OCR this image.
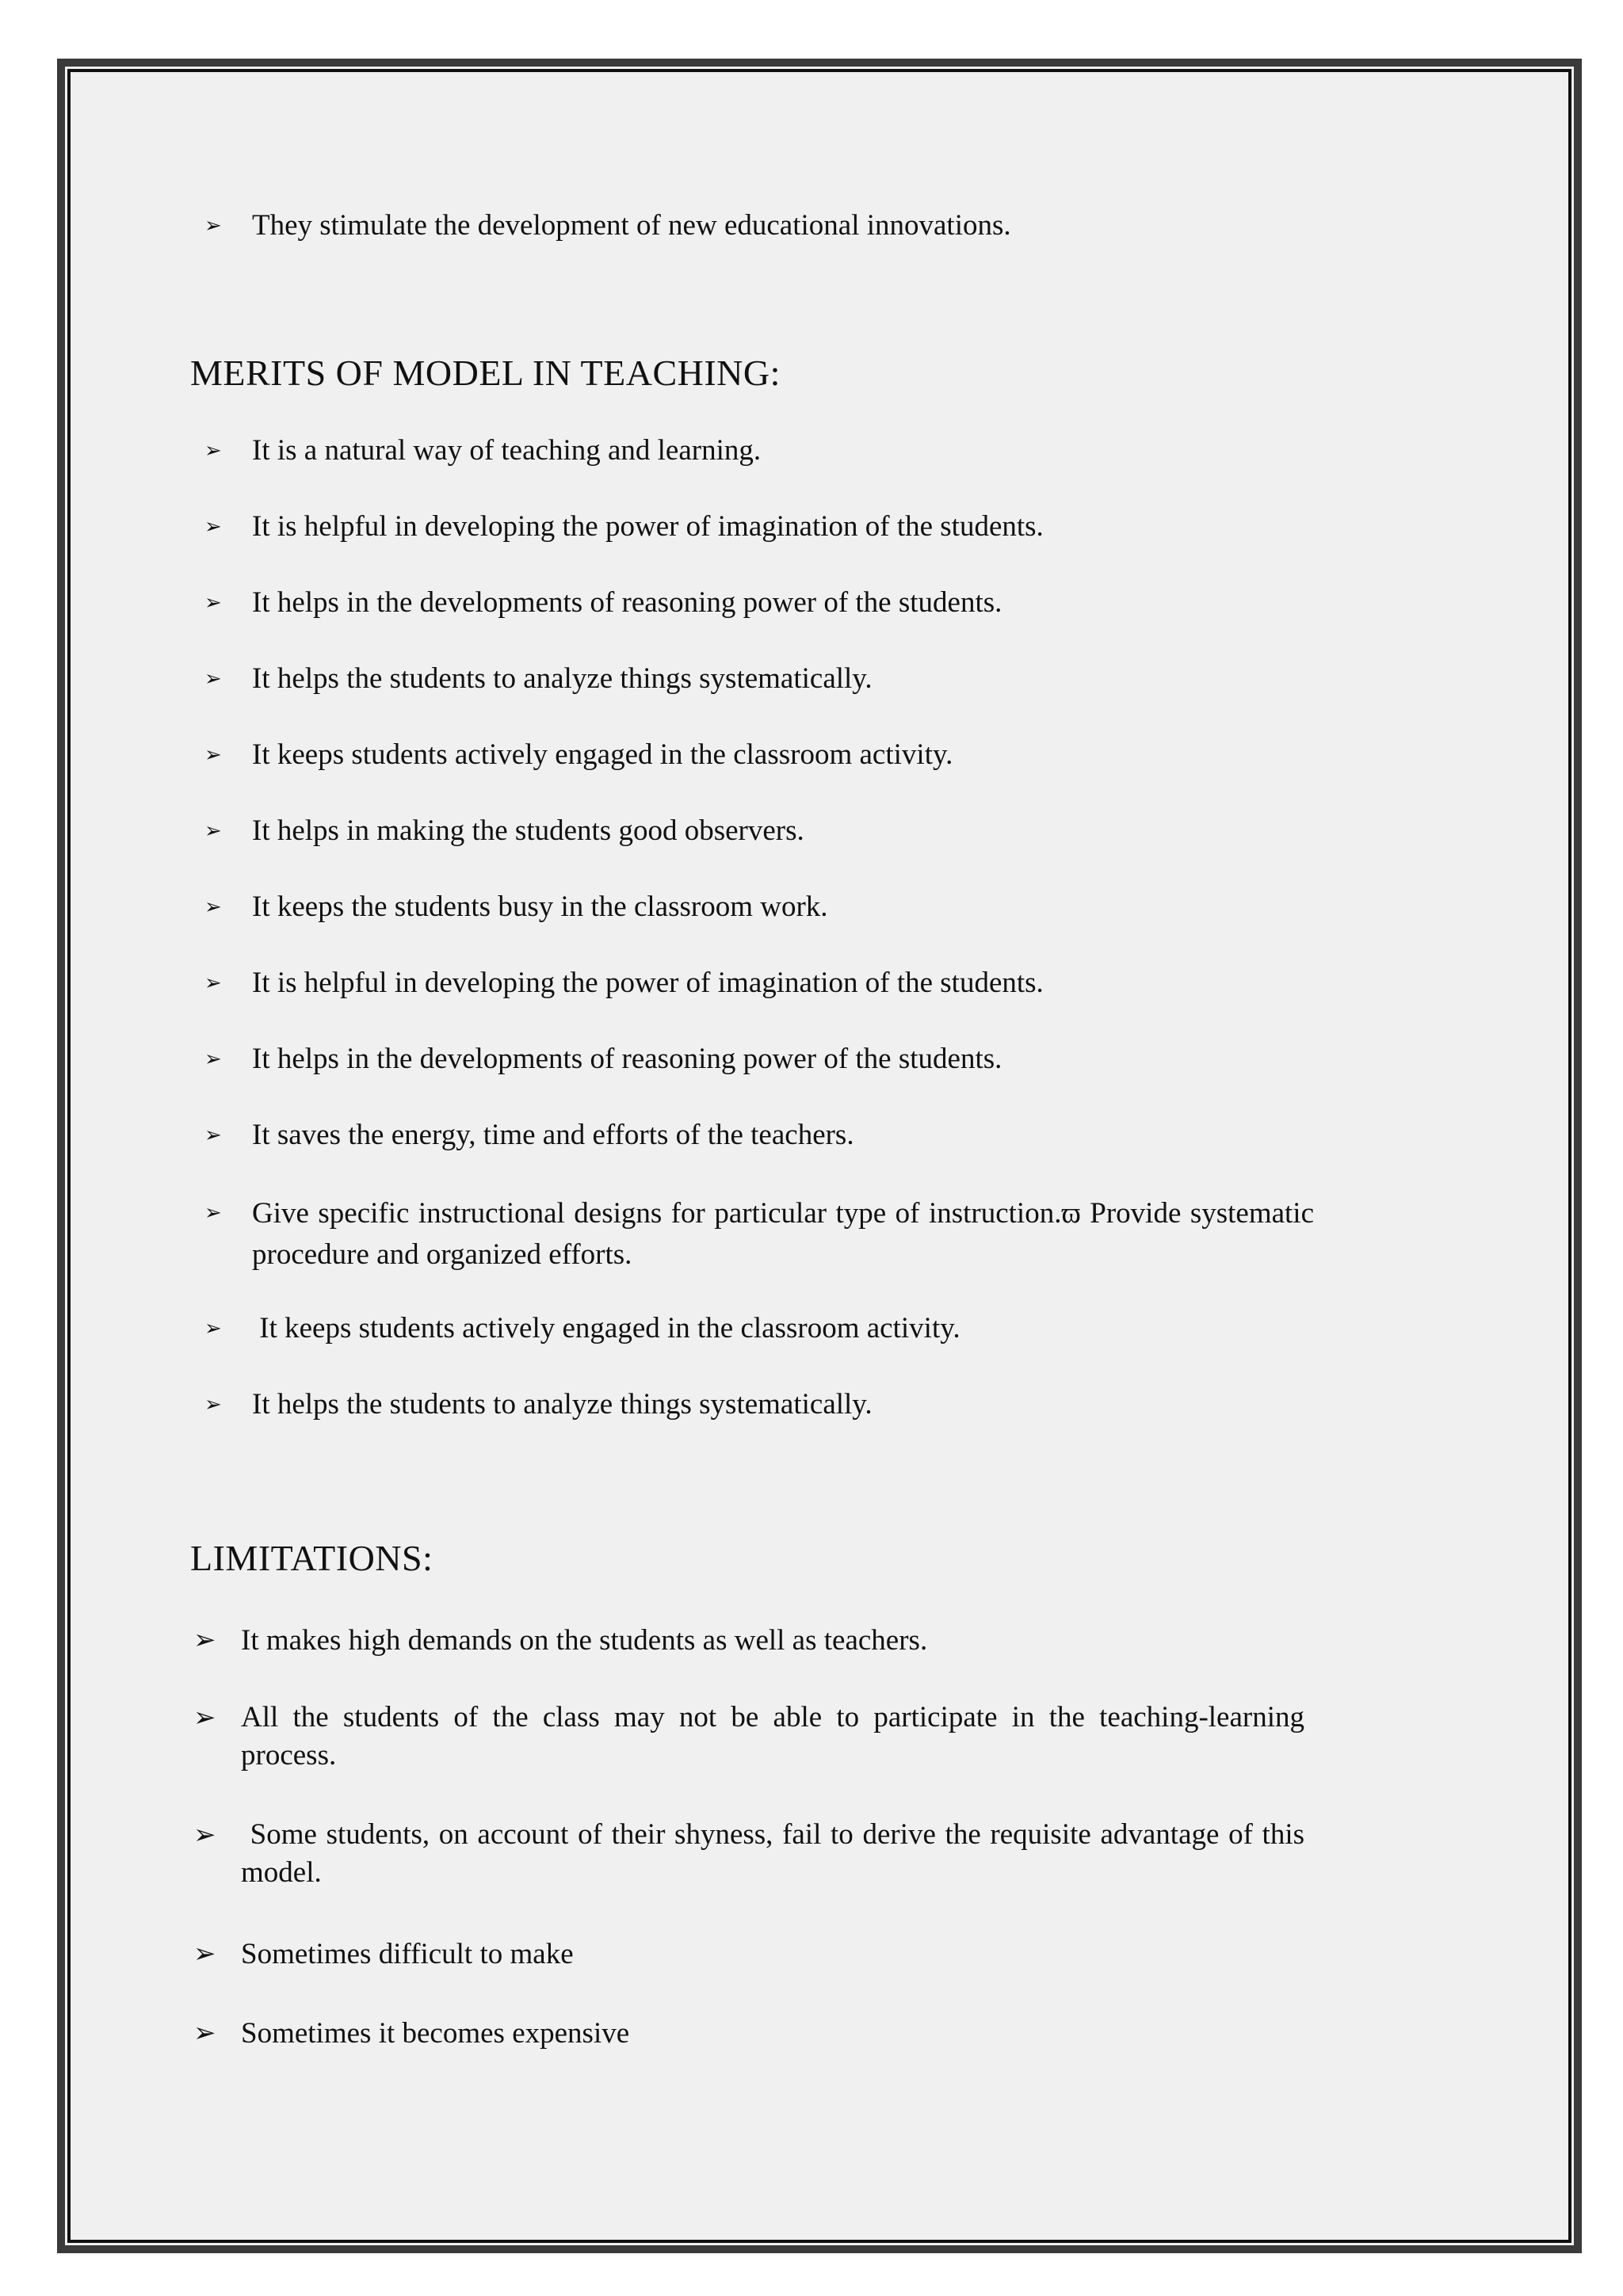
➢ They stimulate the development of new educational innovations.
MERITS OF MODEL IN TEACHING:
➢ It is a natural way of teaching and learning.
➢ It is helpful in developing the power of imagination of the students.
➢ It helps in the developments of reasoning power of the students.
➢ It helps the students to analyze things systematically.
➢ It keeps students actively engaged in the classroom activity.
➢ It helps in making the students good observers.
➢ It keeps the students busy in the classroom work.
➢ It is helpful in developing the power of imagination of the students.
➢ It helps in the developments of reasoning power of the students.
➢ It saves the energy, time and efforts of the teachers.
➢ Give specific instructional designs for particular type of instruction.ϖ Provide systematic procedure and organized efforts.
➢ It keeps students actively engaged in the classroom activity.
➢ It helps the students to analyze things systematically.
LIMITATIONS:
➢ It makes high demands on the students as well as teachers.
➢ All the students of the class may not be able to participate in the teaching-learning process.
➢ Some students, on account of their shyness, fail to derive the requisite advantage of this model.
➢ Sometimes difficult to make
➢ Sometimes it becomes expensive
